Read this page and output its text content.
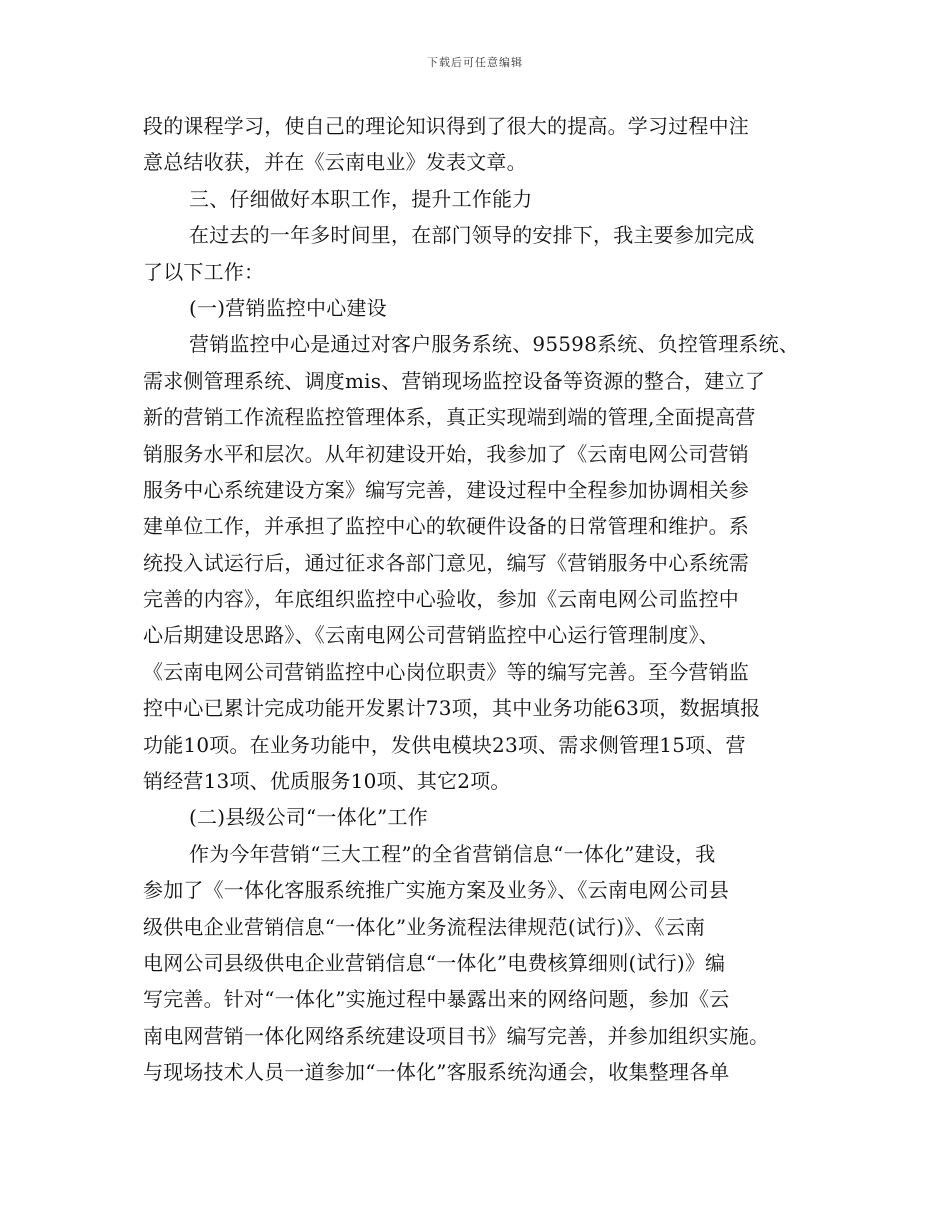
下载后可任意编辑
段的课程学习，使自己的理论知识得到了很大的提高。学习过程中注
意总结收获，并在《云南电业》发表文章。
三、仔细做好本职工作，提升工作能力
在过去的一年多时间里，在部门领导的安排下，我主要参加完成
了以下工作：
(一)营销监控中心建设
营销监控中心是通过对客户服务系统、95598系统、负控管理系统、
需求侧管理系统、调度mis、营销现场监控设备等资源的整合，建立了
新的营销工作流程监控管理体系，真正实现端到端的管理,全面提高营
销服务水平和层次。从年初建设开始，我参加了《云南电网公司营销
服务中心系统建设方案》编写完善，建设过程中全程参加协调相关参
建单位工作，并承担了监控中心的软硬件设备的日常管理和维护。系
统投入试运行后，通过征求各部门意见，编写《营销服务中心系统需
完善的内容》，年底组织监控中心验收，参加《云南电网公司监控中
心后期建设思路》、《云南电网公司营销监控中心运行管理制度》、
《云南电网公司营销监控中心岗位职责》等的编写完善。至今营销监
控中心已累计完成功能开发累计73项，其中业务功能63项，数据填报
功能10项。在业务功能中，发供电模块23项、需求侧管理15项、营
销经营13项、优质服务10项、其它2项。
(二)县级公司“一体化”工作
作为今年营销“三大工程”的全省营销信息“一体化”建设，我
参加了《一体化客服系统推广实施方案及业务》、《云南电网公司县
级供电企业营销信息“一体化”业务流程法律规范(试行)》、《云南
电网公司县级供电企业营销信息“一体化”电费核算细则(试行)》编
写完善。针对“一体化”实施过程中暴露出来的网络问题，参加《云
南电网营销一体化网络系统建设项目书》编写完善，并参加组织实施。
与现场技术人员一道参加“一体化”客服系统沟通会，收集整理各单
